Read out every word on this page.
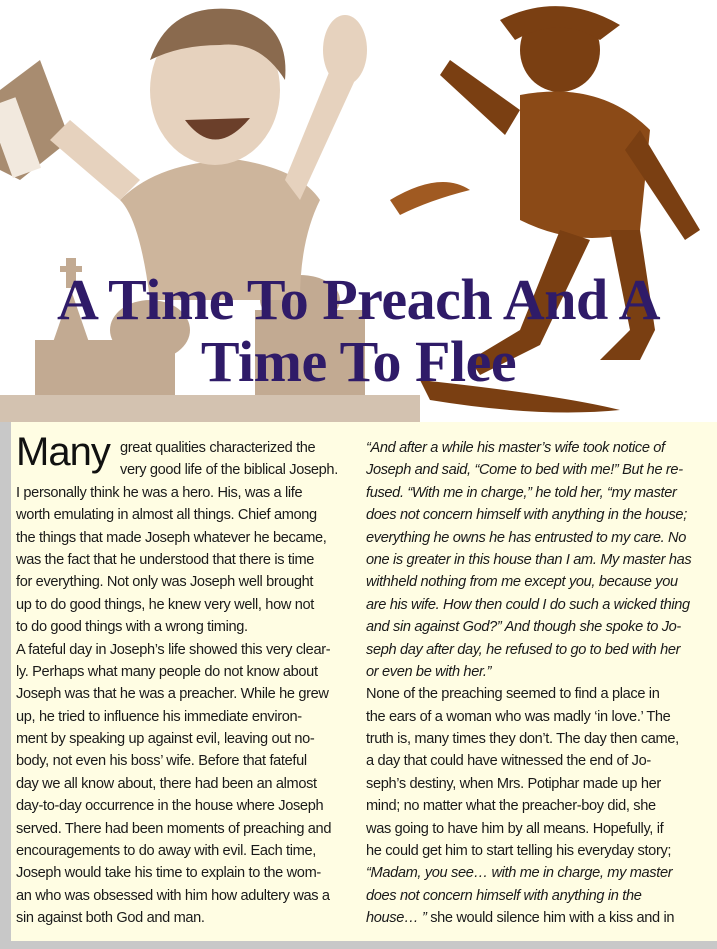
A Time To Preach And A
Time To Flee
Many great qualities characterized the
very good life of the biblical Joseph.
I personally think he was a hero. His, was a life
worth emulating in almost all things. Chief among
the things that made Joseph whatever he became,
was the fact that he understood that there is time
for everything. Not only was Joseph well brought
up to do good things, he knew very well, how not
to do good things with a wrong timing.
A fateful day in Joseph’s life showed this very clear-
ly. Perhaps what many people do not know about
Joseph was that he was a preacher. While he grew
up, he tried to influence his immediate environ-
ment by speaking up against evil, leaving out no-
body, not even his boss’ wife. Before that fateful
day we all know about, there had been an almost
day-to-day occurrence in the house where Joseph
served. There had been moments of preaching and
encouragements to do away with evil. Each time,
Joseph would take his time to explain to the wom-
an who was obsessed with him how adultery was a
sin against both God and man.
“And after a while his master’s wife took notice of
Joseph and said, “Come to bed with me!” But he re-
fused. “With me in charge,” he told her, “my master
does not concern himself with anything in the house;
everything he owns he has entrusted to my care. No
one is greater in this house than I am. My master has
withheld nothing from me except you, because you
are his wife. How then could I do such a wicked thing
and sin against God?” And though she spoke to Jo-
seph day after day, he refused to go to bed with her
or even be with her.”
None of the preaching seemed to find a place in
the ears of a woman who was madly ‘in love.’ The
truth is, many times they don’t. The day then came,
a day that could have witnessed the end of Jo-
seph’s destiny, when Mrs. Potiphar made up her
mind; no matter what the preacher-boy did, she
was going to have him by all means. Hopefully, if
he could get him to start telling his everyday story;
“Madam, you see… with me in charge, my master
does not concern himself with anything in the
house… ” she would silence him with a kiss and in
